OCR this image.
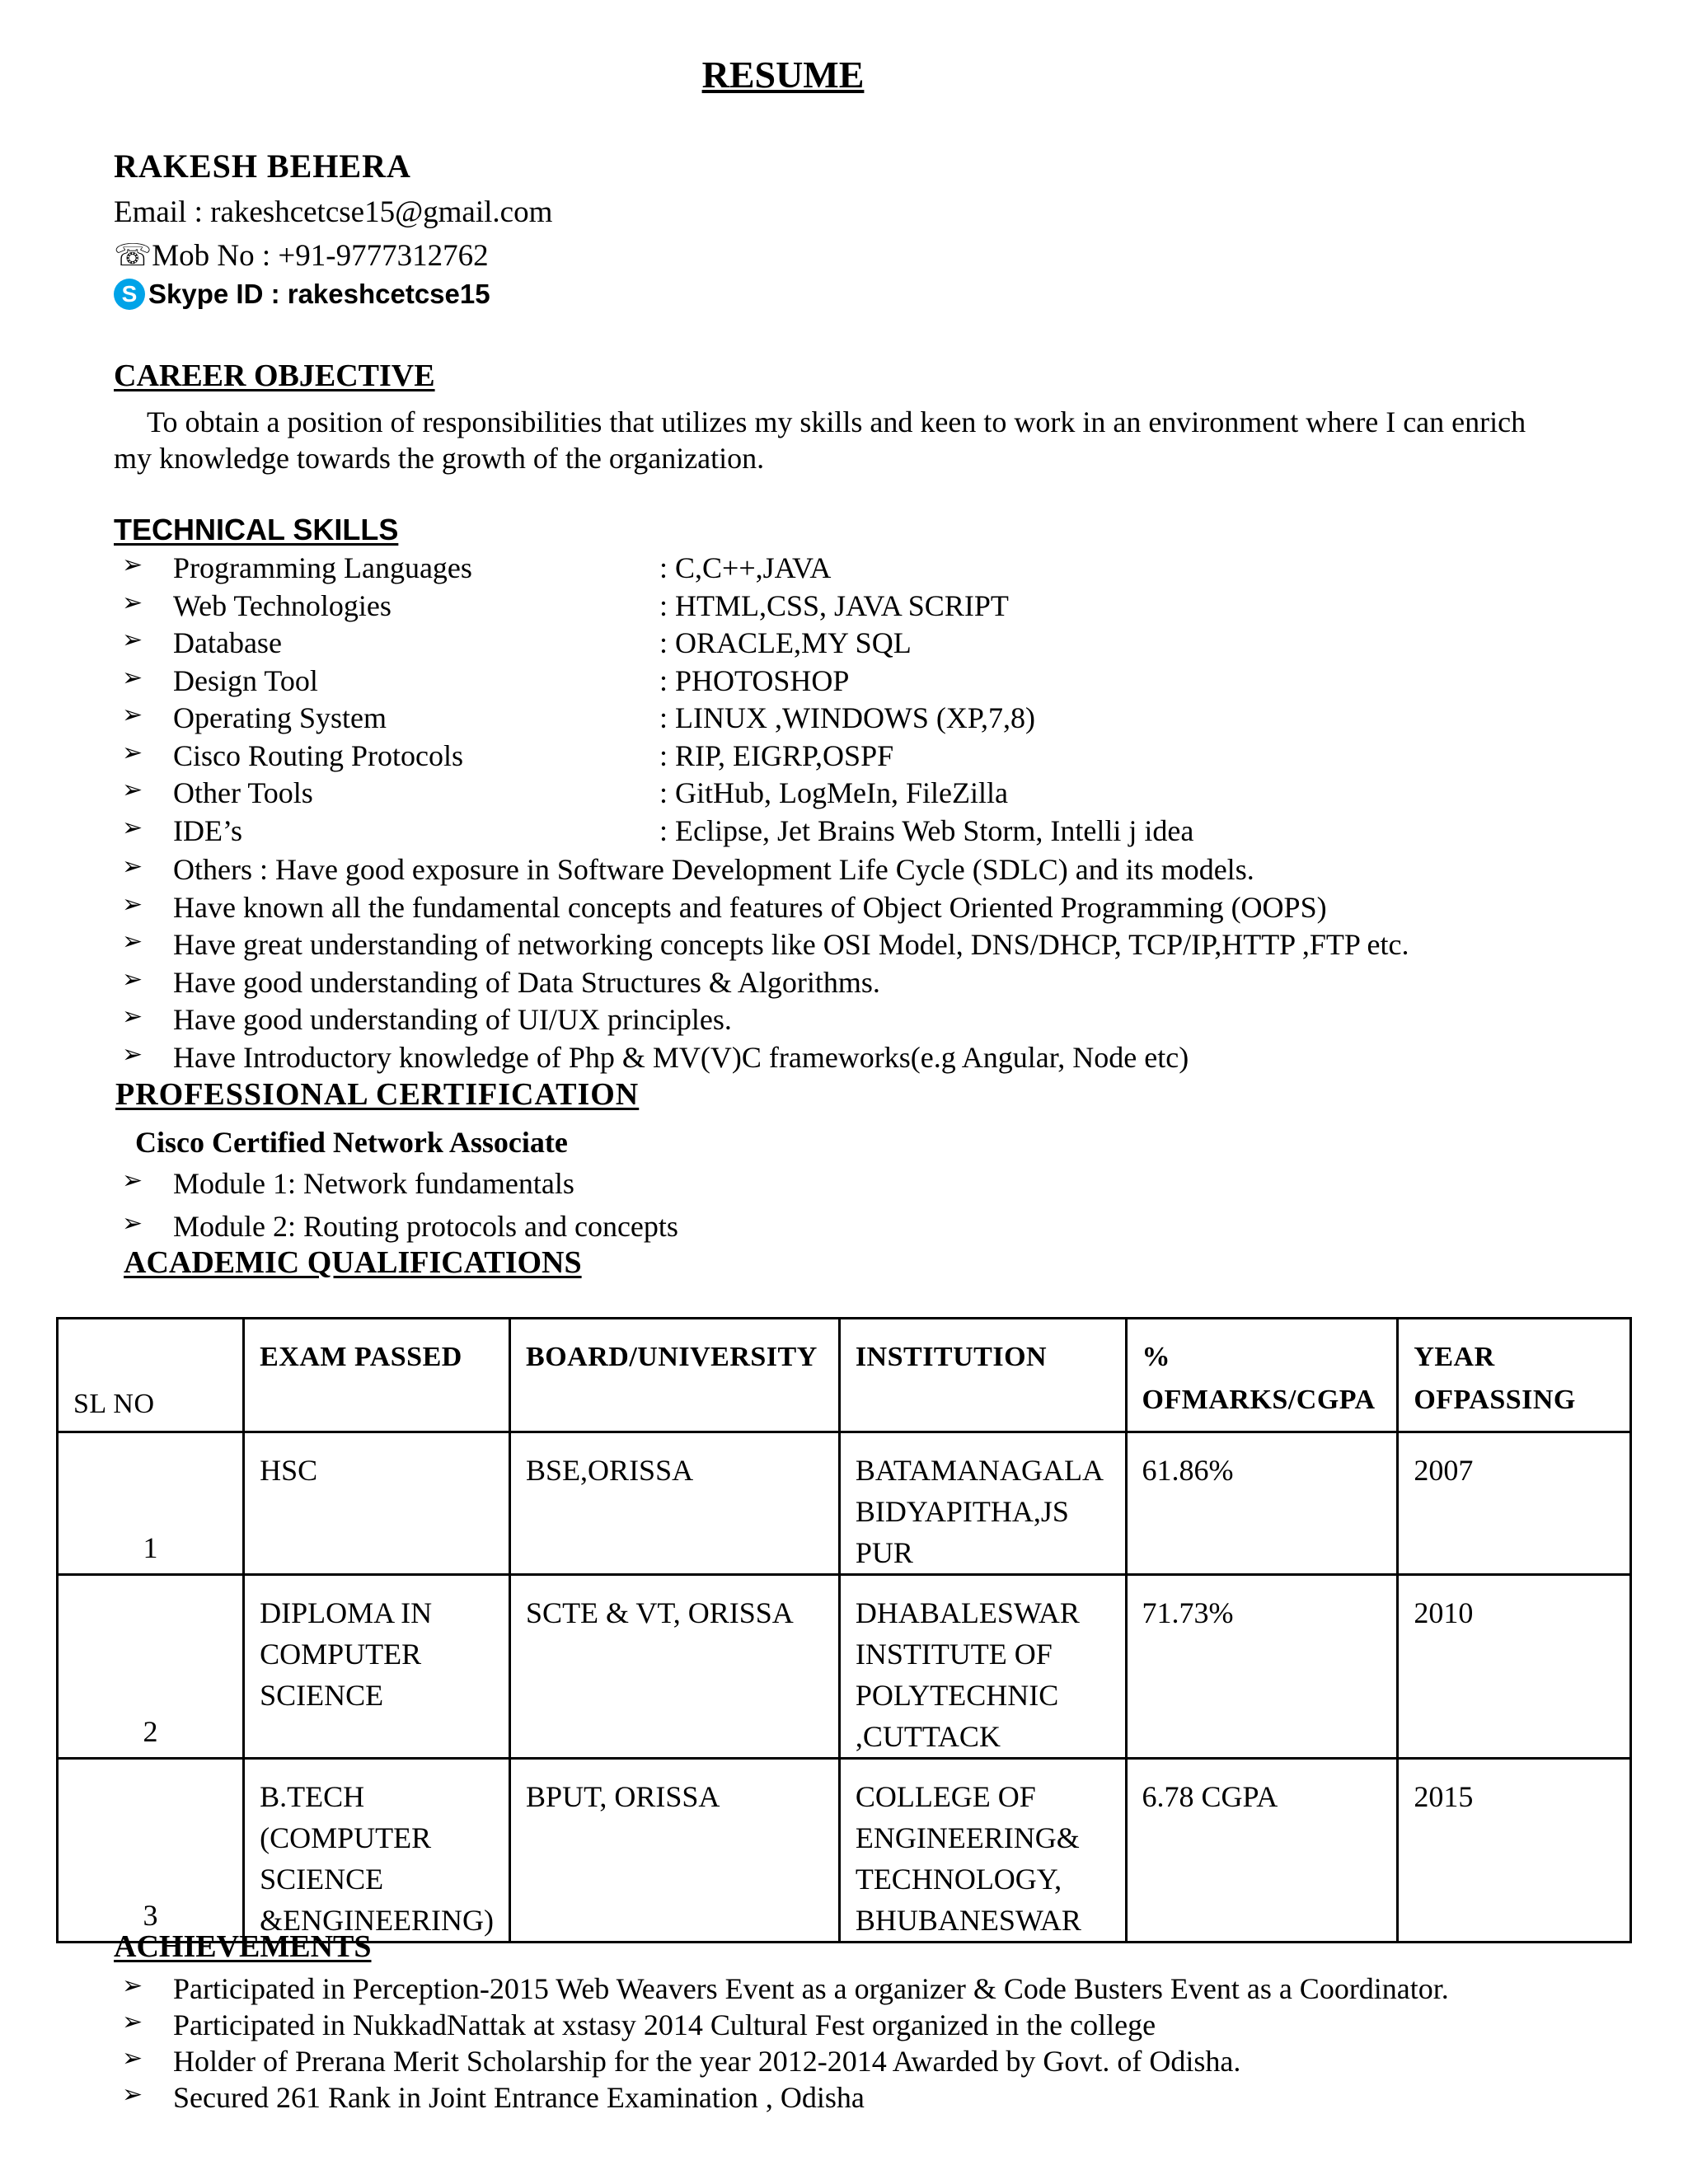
RESUME
RAKESH BEHERA
Email : rakeshcetcse15@gmail.com
☏Mob No : +91-9777312762
S Skype ID : rakeshcetcse15
CAREER OBJECTIVE
To obtain a position of responsibilities that utilizes my skills and keen to work in an environment where I can enrich my knowledge towards the growth of the organization.
TECHNICAL SKILLS
➢	Programming Languages	: C,C++,JAVA
➢	Web Technologies	: HTML,CSS, JAVA SCRIPT
➢	Database	: ORACLE,MY SQL
➢	Design Tool	: PHOTOSHOP
➢	Operating System	: LINUX ,WINDOWS (XP,7,8)
➢	Cisco Routing Protocols	: RIP, EIGRP,OSPF
➢	Other Tools	: GitHub, LogMeIn, FileZilla
➢	IDE’s	: Eclipse, Jet Brains Web Storm, Intelli j idea
➢	Others : Have good exposure in Software Development Life Cycle (SDLC) and its models.
➢	Have known all the fundamental concepts and features of Object Oriented Programming (OOPS)
➢	Have great understanding of networking concepts like OSI Model, DNS/DHCP, TCP/IP,HTTP ,FTP etc.
➢	Have good understanding of Data Structures & Algorithms.
➢	Have good understanding of UI/UX principles.
➢	Have Introductory knowledge of Php & MV(V)C frameworks(e.g Angular, Node etc)
PROFESSIONAL CERTIFICATION
Cisco Certified Network Associate
➢	Module 1: Network fundamentals
➢	Module 2: Routing protocols and concepts
ACADEMIC QUALIFICATIONS
SL NO	EXAM PASSED	BOARD/UNIVERSITY	INSTITUTION	% OFMARKS/CGPA	YEAR OFPASSING
1	HSC	BSE,ORISSA	BATAMANAGALA BIDYAPITHA,JS PUR	61.86%	2007
2	DIPLOMA IN COMPUTER SCIENCE	SCTE & VT, ORISSA	DHABALESWAR INSTITUTE OF POLYTECHNIC ,CUTTACK	71.73%	2010
3	B.TECH (COMPUTER SCIENCE &ENGINEERING)	BPUT, ORISSA	COLLEGE OF ENGINEERING& TECHNOLOGY, BHUBANESWAR	6.78 CGPA	2015
ACHIEVEMENTS
➢	Participated in Perception-2015 Web Weavers Event as a organizer & Code Busters Event as a Coordinator.
➢	Participated in NukkadNattak at xstasy 2014 Cultural Fest organized in the college
➢	Holder of Prerana Merit Scholarship for the year 2012-2014 Awarded by Govt. of Odisha.
➢	Secured 261 Rank in Joint Entrance Examination , Odisha
